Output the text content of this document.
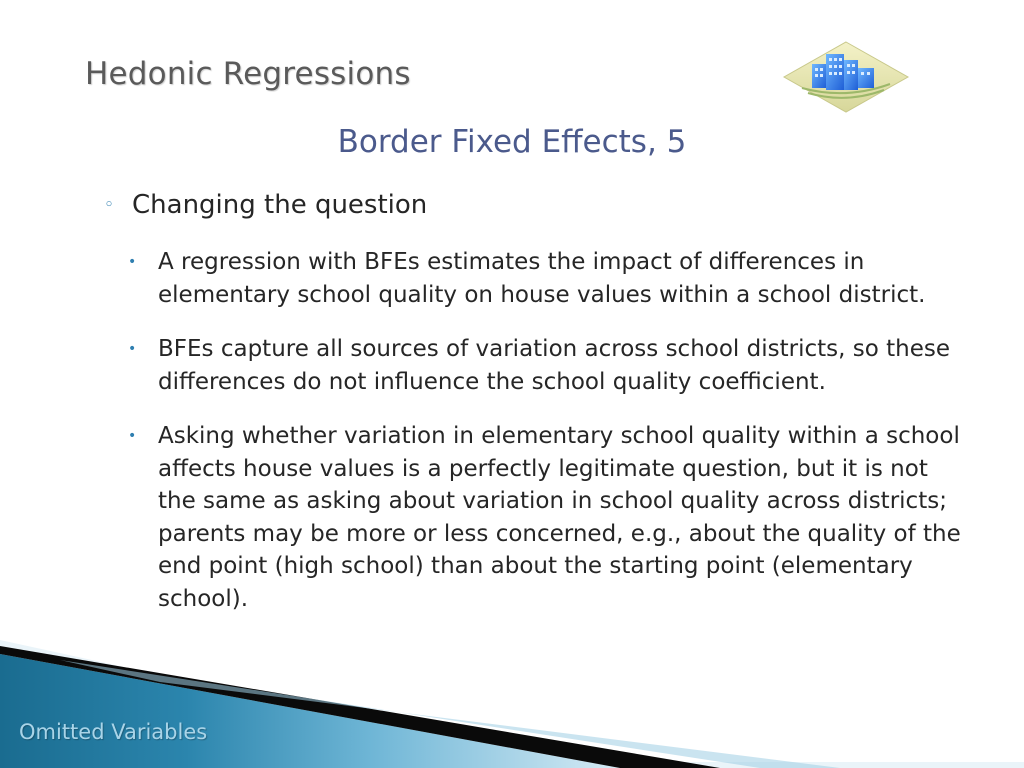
Hedonic Regressions
Border Fixed Effects, 5
◦ Changing the question
• A regression with BFEs estimates the impact of differences in elementary school quality on house values within a school district.
• BFEs capture all sources of variation across school districts, so these differences do not influence the school quality coefficient.
• Asking whether variation in elementary school quality within a school affects house values is a perfectly legitimate question, but it is not the same as asking about variation in school quality across districts; parents may be more or less concerned, e.g., about the quality of the end point (high school) than about the starting point (elementary school).
Omitted Variables
